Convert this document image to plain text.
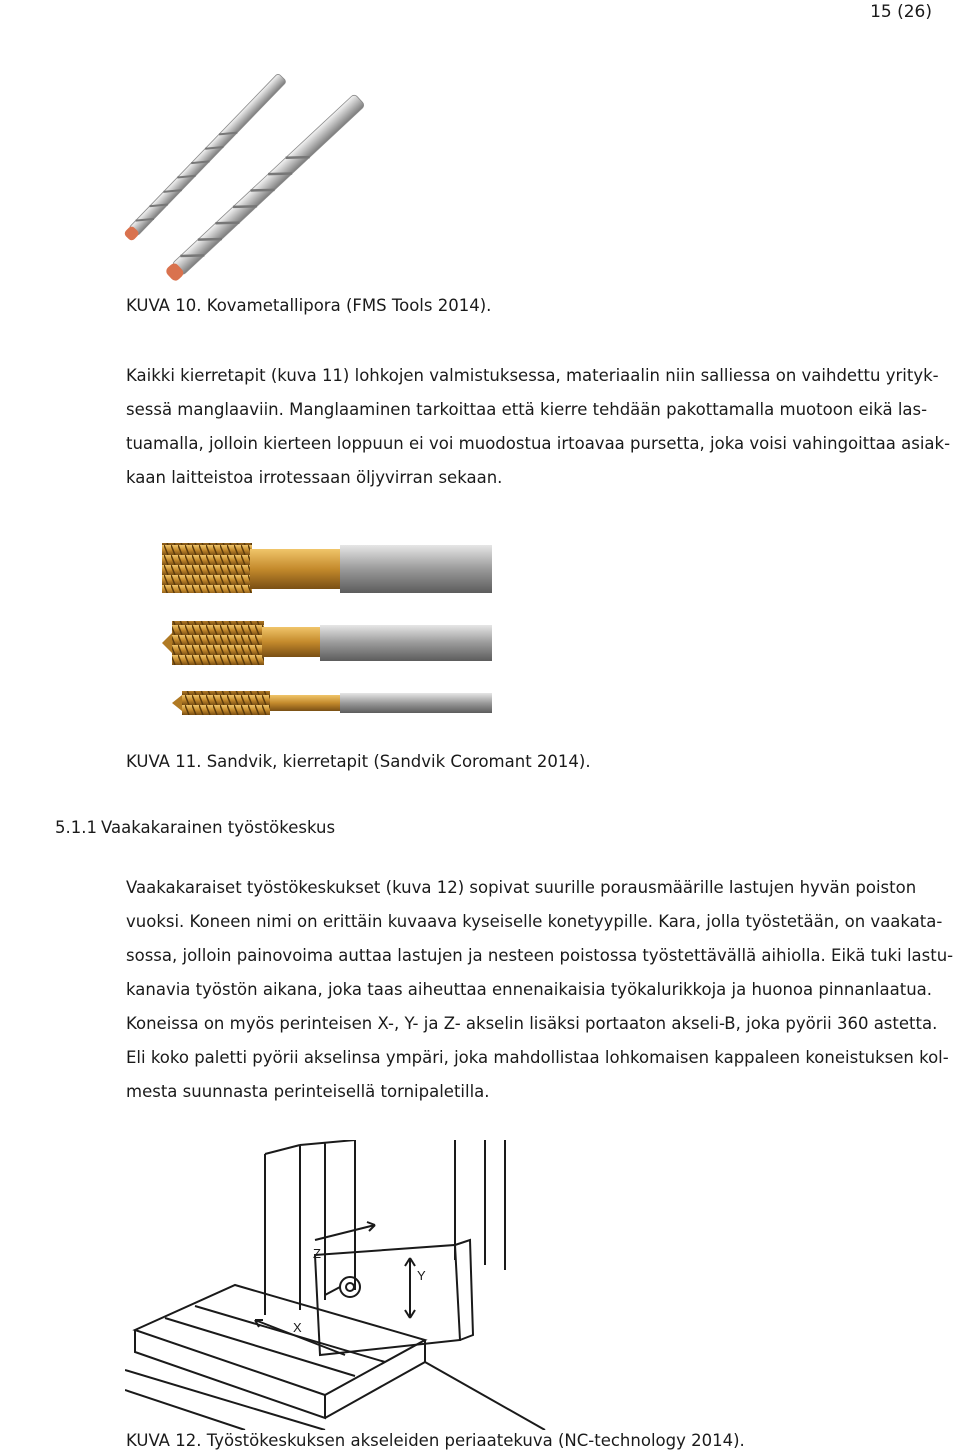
15 (26)
KUVA 10. Kovametallipora (FMS Tools 2014).
Kaikki kierretapit (kuva 11) lohkojen valmistuksessa, materiaalin niin salliessa on vaihdettu yrityk-
sessä manglaaviin. Manglaaminen tarkoittaa että kierre tehdään pakottamalla muotoon eikä las-
tuamalla, jolloin kierteen loppuun ei voi muodostua irtoavaa pursetta, joka voisi vahingoittaa asiak-
kaan laitteistoa irrotessaan öljyvirran sekaan.
KUVA 11. Sandvik, kierretapit (Sandvik Coromant 2014).
5.1.1 Vaakakarainen työstökeskus
Vaakakaraiset työstökeskukset (kuva 12) sopivat suurille porausmäärille lastujen hyvän poiston
vuoksi. Koneen nimi on erittäin kuvaava kyseiselle konetyypille. Kara, jolla työstetään, on vaakata-
sossa, jolloin painovoima auttaa lastujen ja nesteen poistossa työstettävällä aihiolla. Eikä tuki lastu-
kanavia työstön aikana, joka taas aiheuttaa ennenaikaisia työkalurikkoja ja huonoa pinnanlaatua.
Koneissa on myös perinteisen X-, Y- ja Z- akselin lisäksi portaaton akseli-B, joka pyörii 360 astetta.
Eli koko paletti pyörii akselinsa ympäri, joka mahdollistaa lohkomaisen kappaleen koneistuksen kol-
mesta suunnasta perinteisellä tornipaletilla.
Z
Y
X
KUVA 12. Työstökeskuksen akseleiden periaatekuva (NC-technology 2014).
